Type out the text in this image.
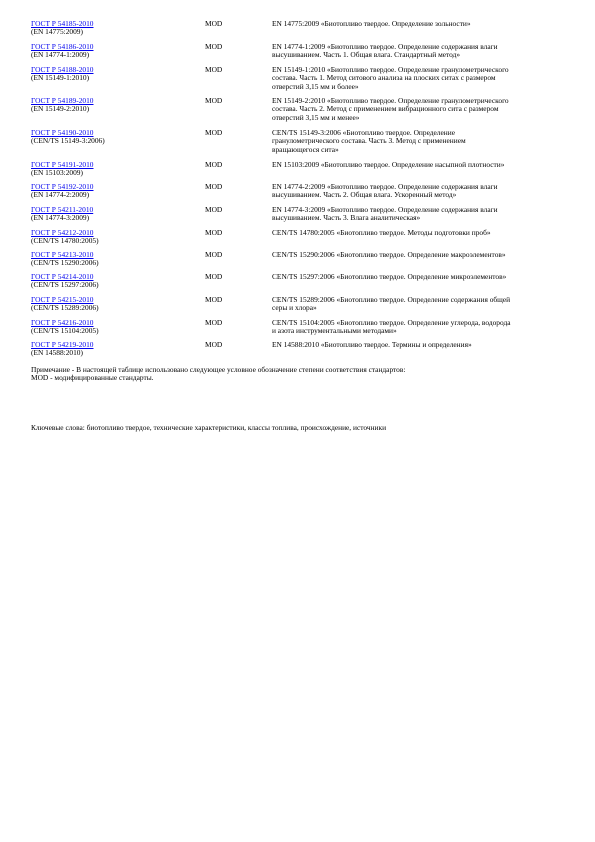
ГОСТ Р 54185-2010
(EN 14775:2009)
MOD	EN 14775:2009 «Биотопливо твердое. Определение зольности»
ГОСТ Р 54186-2010
(EN 14774-1:2009)
MOD	EN 14774-1:2009 «Биотопливо твердое. Определение содержания влаги
высушиванием. Часть 1. Общая влага. Стандартный метод»
ГОСТ Р 54188-2010
(EN 15149-1:2010)
MOD	EN 15149-1:2010 «Биотопливо твердое. Определение гранулометрического
состава. Часть 1. Метод ситового анализа на плоских ситах с размером
отверстий 3,15 мм и более»
ГОСТ Р 54189-2010
(EN 15149-2:2010)
MOD	EN 15149-2:2010 «Биотопливо твердое. Определение гранулометрического
состава. Часть 2. Метод с применением вибрационного сита с размером
отверстий 3,15 мм и менее»
ГОСТ Р 54190-2010
(CEN/TS 15149-3:2006)
MOD	CEN/TS 15149-3:2006 «Биотопливо твердое. Определение
гранулометрического состава. Часть 3. Метод с применением
вращающегося сита»
ГОСТ Р 54191-2010
(EN 15103:2009)
MOD	EN 15103:2009 «Биотопливо твердое. Определение насыпной плотности»
ГОСТ Р 54192-2010
(EN 14774-2:2009)
MOD	EN 14774-2:2009 «Биотопливо твердое. Определение содержания влаги
высушиванием. Часть 2. Общая влага. Ускоренный метод»
ГОСТ Р 54211-2010
(EN 14774-3:2009)
MOD	EN 14774-3:2009 «Биотопливо твердое. Определение содержания влаги
высушиванием. Часть 3. Влага аналитическая»
ГОСТ Р 54212-2010
(CEN/TS 14780:2005)
MOD	CEN/TS 14780:2005 «Биотопливо твердое. Методы подготовки проб»
ГОСТ Р 54213-2010
(CEN/TS 15290:2006)
MOD	CEN/TS 15290:2006 «Биотопливо твердое. Определение макроэлементов»
ГОСТ Р 54214-2010
(CEN/TS 15297:2006)
MOD	CEN/TS 15297:2006 «Биотопливо твердое. Определение микроэлементов»
ГОСТ Р 54215-2010
(CEN/TS 15289:2006)
MOD	CEN/TS 15289:2006 «Биотопливо твердое. Определение содержания общей
серы и хлора»
ГОСТ Р 54216-2010
(CEN/TS 15104:2005)
MOD	CEN/TS 15104:2005 «Биотопливо твердое. Определение углерода, водорода
и азота инструментальными методами»
ГОСТ Р 54219-2010
(EN 14588:2010)
MOD	EN 14588:2010 «Биотопливо твердое. Термины и определения»
Примечание - В настоящей таблице использовано следующее условное обозначение степени соответствия стандартов:
MOD - модифицированные стандарты.
Ключевые слова: биотопливо твердое, технические характеристики, классы топлива, происхождение, источники
